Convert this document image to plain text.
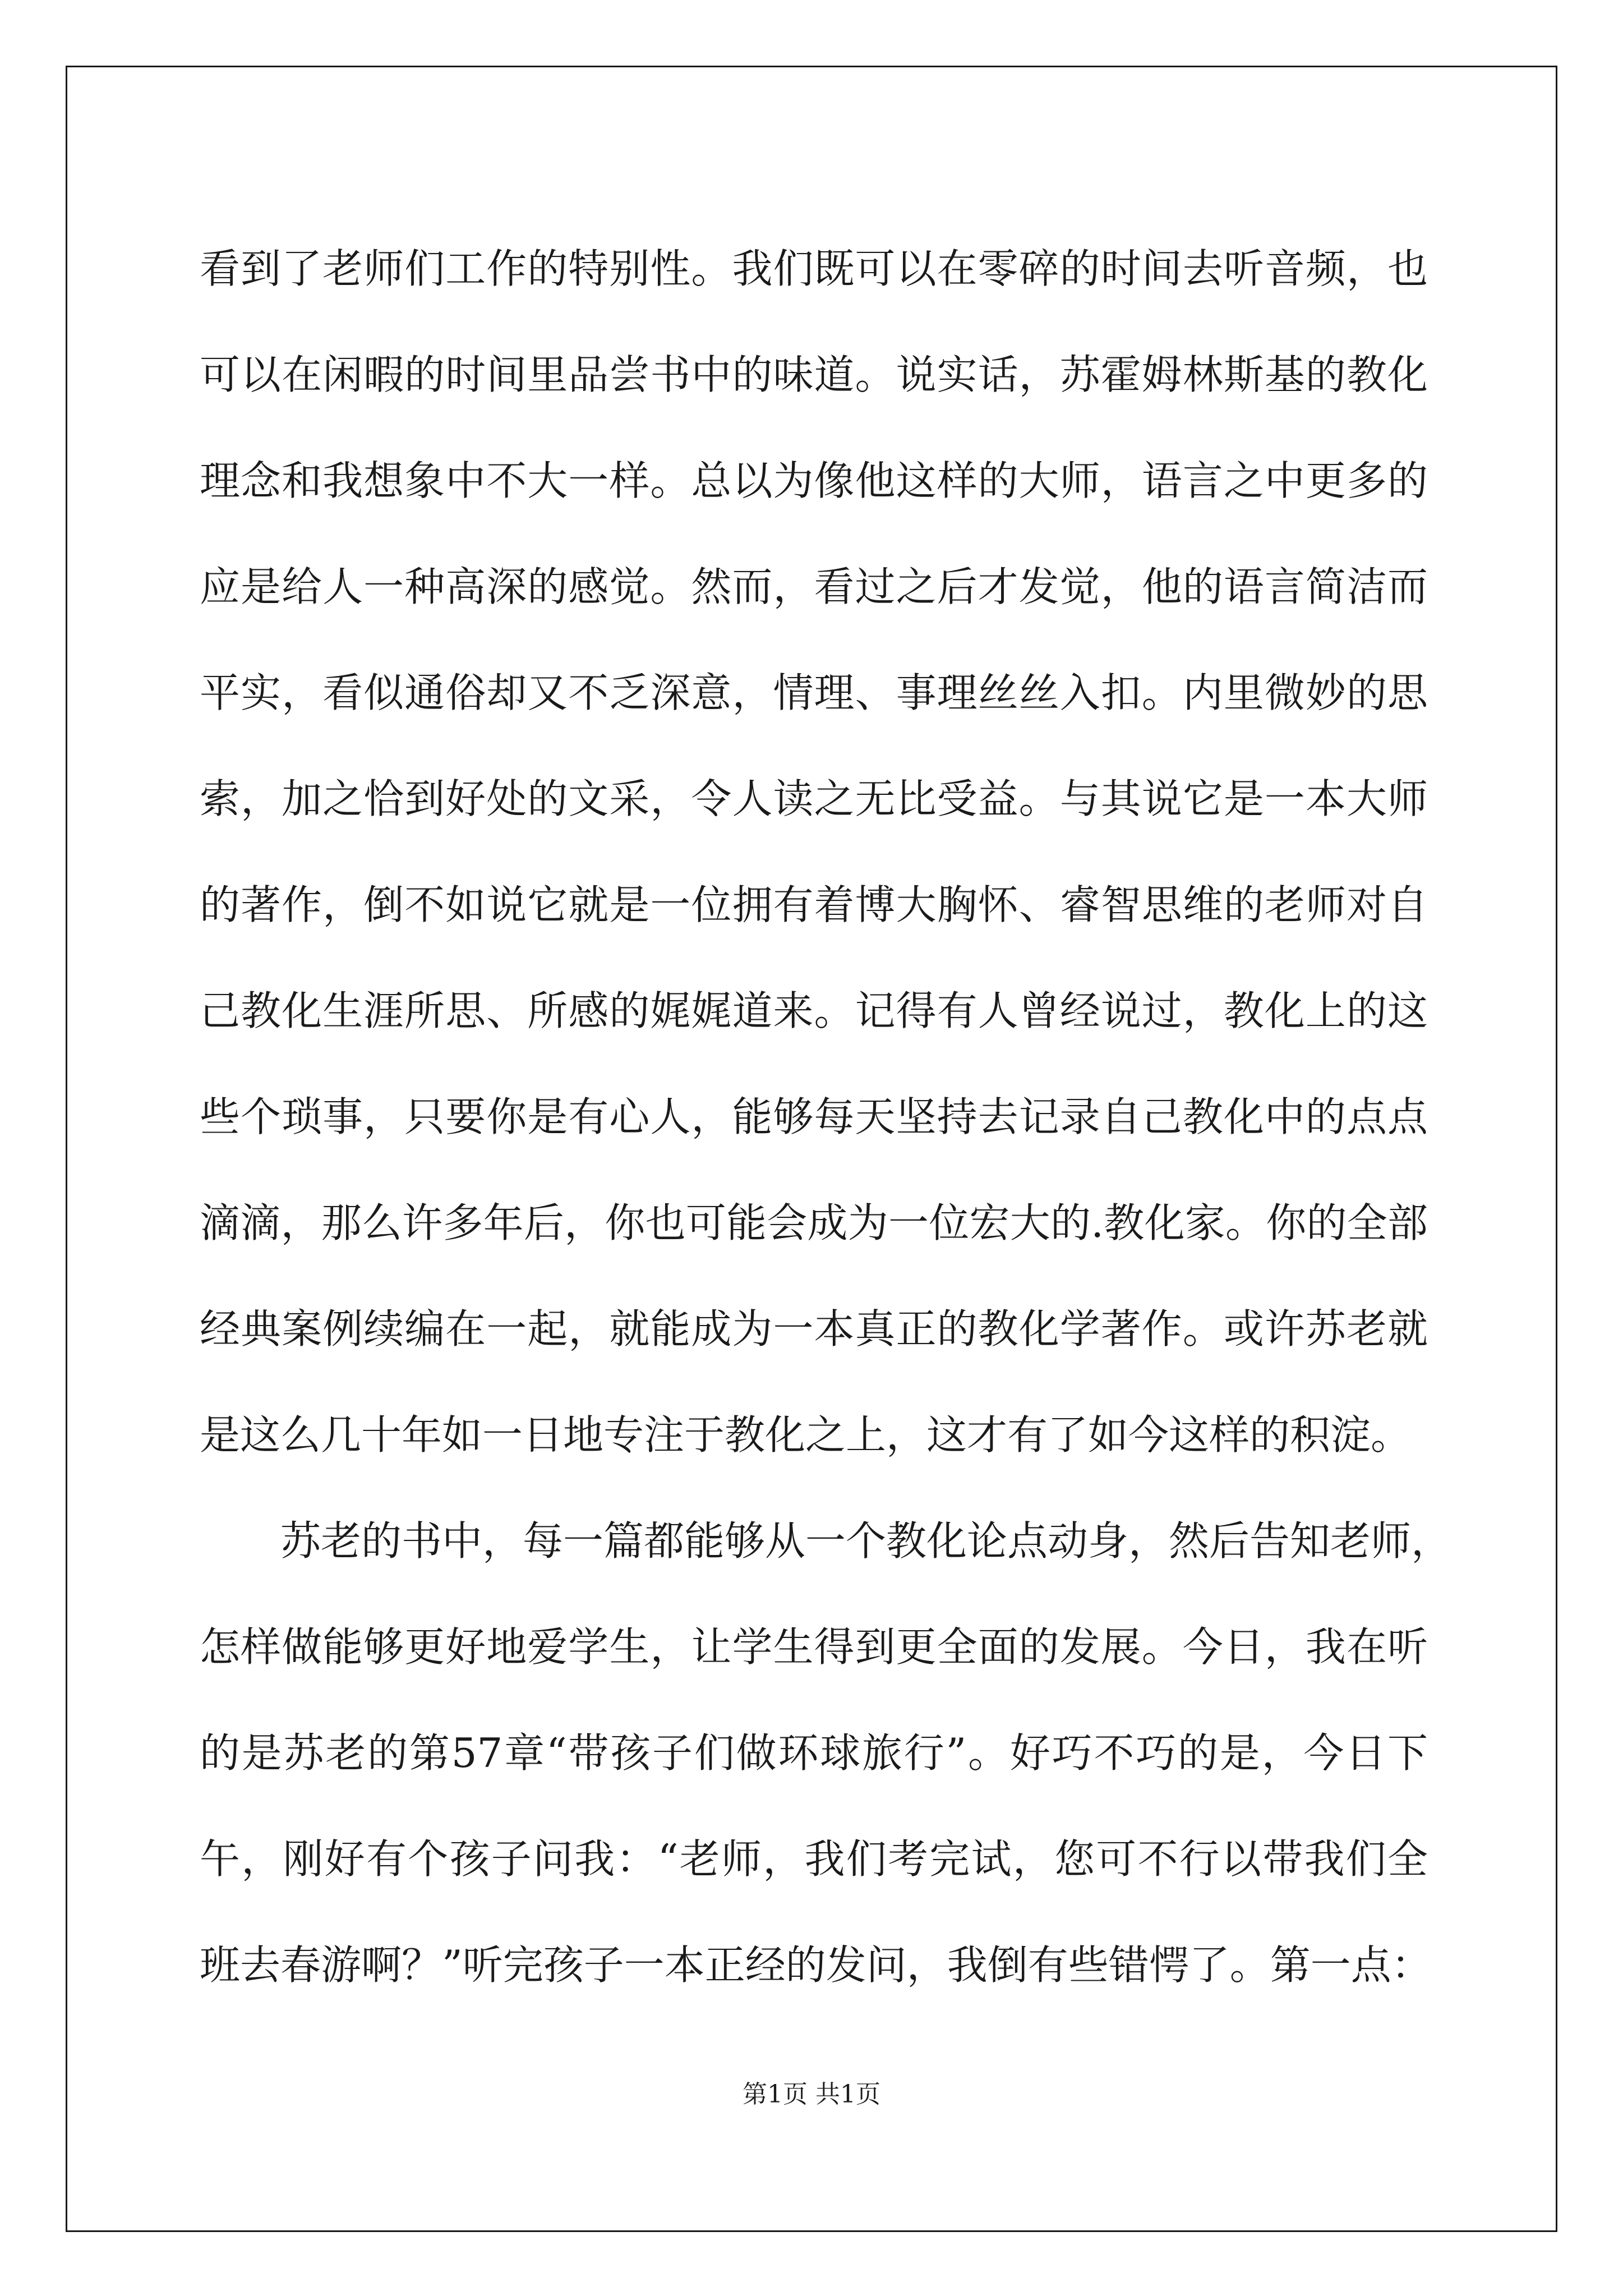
看到了老师们工作的特别性。我们既可以在零碎的时间去听音频，也
可以在闲暇的时间里品尝书中的味道。说实话，苏霍姆林斯基的教化
理念和我想象中不大一样。总以为像他这样的大师，语言之中更多的
应是给人一种高深的感觉。然而，看过之后才发觉，他的语言简洁而
平实，看似通俗却又不乏深意，情理、事理丝丝入扣。内里微妙的思
索，加之恰到好处的文采，令人读之无比受益。与其说它是一本大师
的著作，倒不如说它就是一位拥有着博大胸怀、睿智思维的老师对自
己教化生涯所思、所感的娓娓道来。记得有人曾经说过，教化上的这
些个琐事，只要你是有心人，能够每天坚持去记录自己教化中的点点
滴滴，那么许多年后，你也可能会成为一位宏大的.教化家。你的全部
经典案例续编在一起，就能成为一本真正的教化学著作。或许苏老就
是这么几十年如一日地专注于教化之上，这才有了如今这样的积淀。
苏老的书中，每一篇都能够从一个教化论点动身，然后告知老师，
怎样做能够更好地爱学生，让学生得到更全面的发展。今日，我在听
的是苏老的第57章“带孩子们做环球旅行”。好巧不巧的是，今日下
午，刚好有个孩子问我：“老师，我们考完试，您可不行以带我们全
班去春游啊？”听完孩子一本正经的发问，我倒有些错愕了。第一点：
第1页 共1页
